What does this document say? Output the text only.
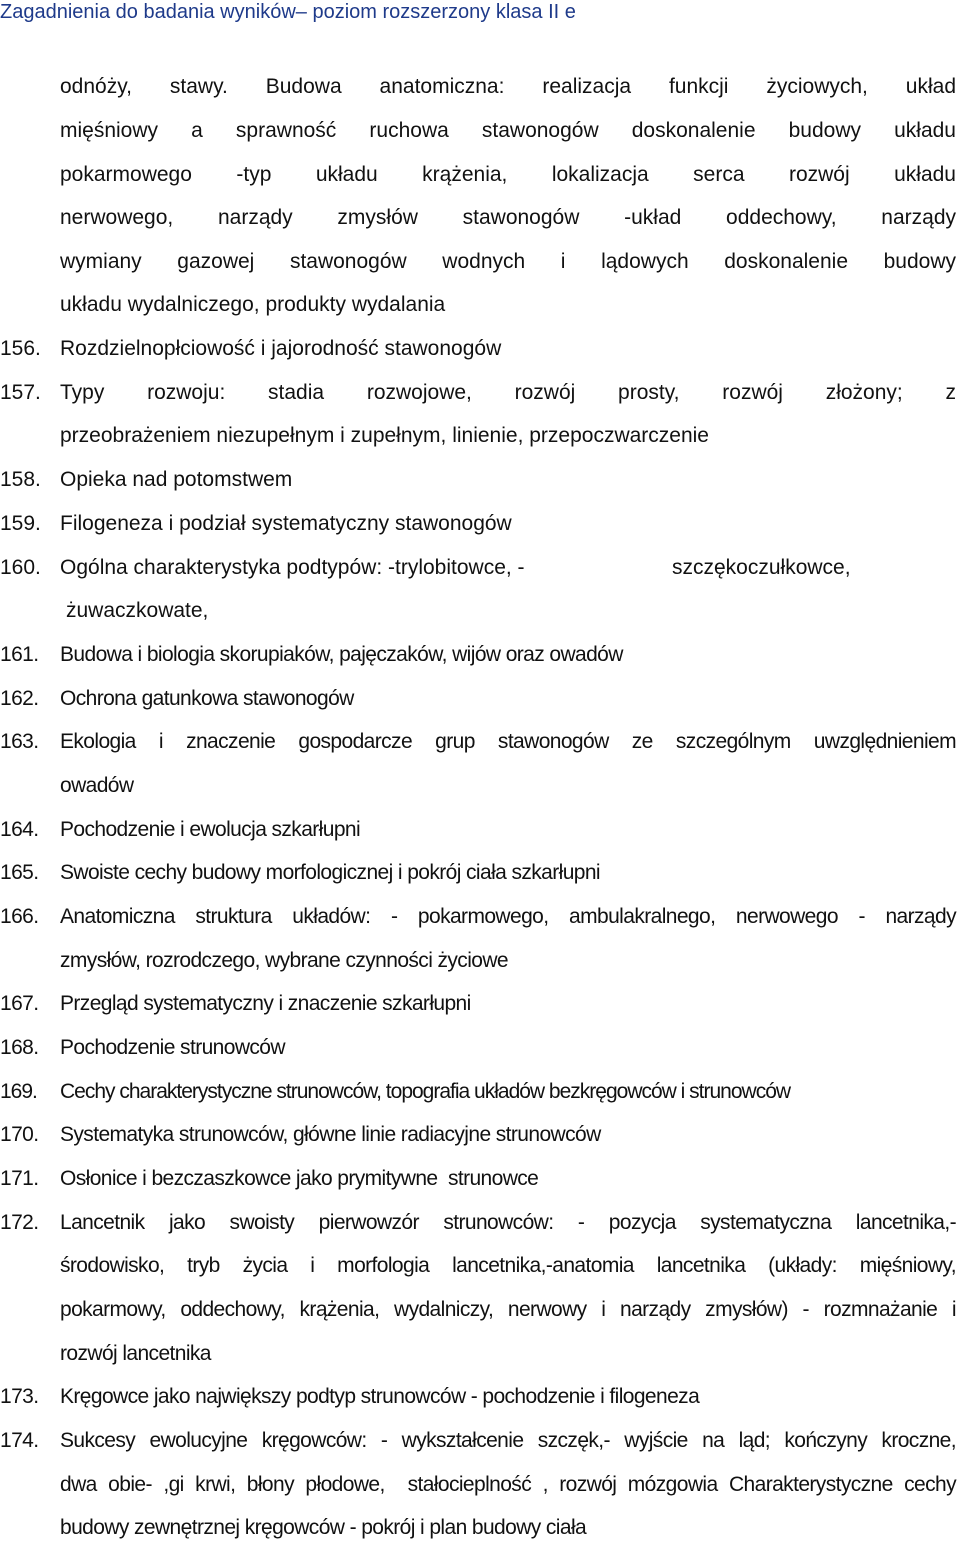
Zagadnienia do badania wyników– poziom rozszerzony klasa II e
odnóży, stawy. Budowa anatomiczna: realizacja funkcji życiowych, układ
mięśniowy a sprawność ruchowa stawonogów doskonalenie budowy układu
pokarmowego -typ układu krążenia, lokalizacja serca rozwój układu
nerwowego, narządy zmysłów stawonogów -układ oddechowy, narządy
wymiany gazowej stawonogów wodnych i lądowych doskonalenie budowy
układu wydalniczego, produkty wydalania
156. Rozdzielnopłciowość i jajorodność stawonogów
157. Typy rozwoju: stadia rozwojowe, rozwój prosty, rozwój złożony; z
przeobrażeniem niezupełnym i zupełnym, linienie, przepoczwarczenie
158. Opieka nad potomstwem
159. Filogeneza i podział systematyczny stawonogów
160. Ogólna charakterystyka podtypów: -trylobitowce, -	szczękoczułkowce,
żuwaczkowate,
161.	Budowa i biologia skorupiaków, pajęczaków, wijów oraz owadów
162.	Ochrona gatunkowa stawonogów
163.	Ekologia i znaczenie gospodarcze grup stawonogów ze szczególnym uwzględnieniem
owadów
164.	Pochodzenie i ewolucja szkarłupni
165.	Swoiste cechy budowy morfologicznej i pokrój ciała szkarłupni
166.	Anatomiczna struktura układów: - pokarmowego, ambulakralnego, nerwowego - narządy
zmysłów, rozrodczego, wybrane czynności życiowe
167.	Przegląd systematyczny i znaczenie szkarłupni
168.	Pochodzenie strunowców
169.	Cechy charakterystyczne strunowców, topografia układów bezkręgowców i strunowców
170.	Systematyka strunowców, główne linie radiacyjne strunowców
171.	Osłonice i bezczaszkowce jako prymitywne  strunowce
172.	Lancetnik jako swoisty pierwowzór strunowców: - pozycja systematyczna lancetnika,-
środowisko, tryb życia i morfologia lancetnika,-anatomia lancetnika (układy: mięśniowy,
pokarmowy, oddechowy, krążenia, wydalniczy, nerwowy i narządy zmysłów) - rozmnażanie i
rozwój lancetnika
173.	Kręgowce jako największy podtyp strunowców - pochodzenie i filogeneza
174.	Sukcesy ewolucyjne kręgowców: - wykształcenie szczęk,- wyjście na ląd; kończyny kroczne,
dwa obie- ,gi krwi, błony płodowe,  stałocieplność , rozwój mózgowia Charakterystyczne cechy
budowy zewnętrznej kręgowców - pokrój i plan budowy ciała
